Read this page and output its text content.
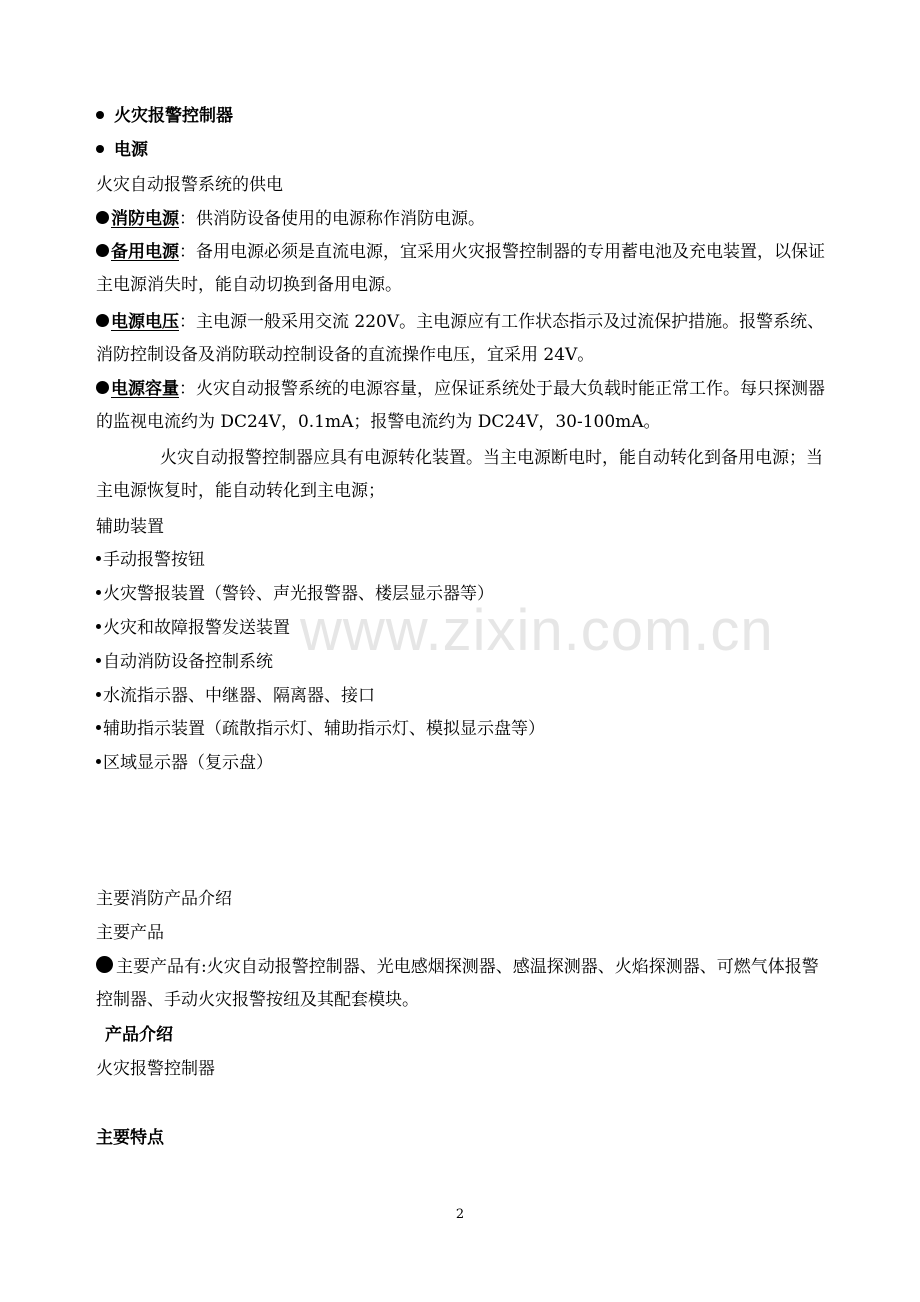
www.zixin.com.cn
火灾报警控制器
电源
火灾自动报警系统的供电
消防电源：供消防设备使用的电源称作消防电源。
备用电源：备用电源必须是直流电源，宜采用火灾报警控制器的专用蓄电池及充电装置，以保证主电源消失时，能自动切换到备用电源。
电源电压：主电源一般采用交流 220V。主电源应有工作状态指示及过流保护措施。报警系统、消防控制设备及消防联动控制设备的直流操作电压，宜采用 24V。
电源容量：火灾自动报警系统的电源容量，应保证系统处于最大负载时能正常工作。每只探测器的监视电流约为 DC24V，0.1mA；报警电流约为 DC24V，30-100mA。
火灾自动报警控制器应具有电源转化装置。当主电源断电时，能自动转化到备用电源；当主电源恢复时，能自动转化到主电源；
辅助装置
手动报警按钮
火灾警报装置（警铃、声光报警器、楼层显示器等）
火灾和故障报警发送装置
自动消防设备控制系统
水流指示器、中继器、隔离器、接口
辅助指示装置（疏散指示灯、辅助指示灯、模拟显示盘等）
区域显示器（复示盘）
主要消防产品介绍
主要产品
主要产品有:火灾自动报警控制器、光电感烟探测器、感温探测器、火焰探测器、可燃气体报警控制器、手动火灾报警按纽及其配套模块。
产品介绍
火灾报警控制器
主要特点
2
